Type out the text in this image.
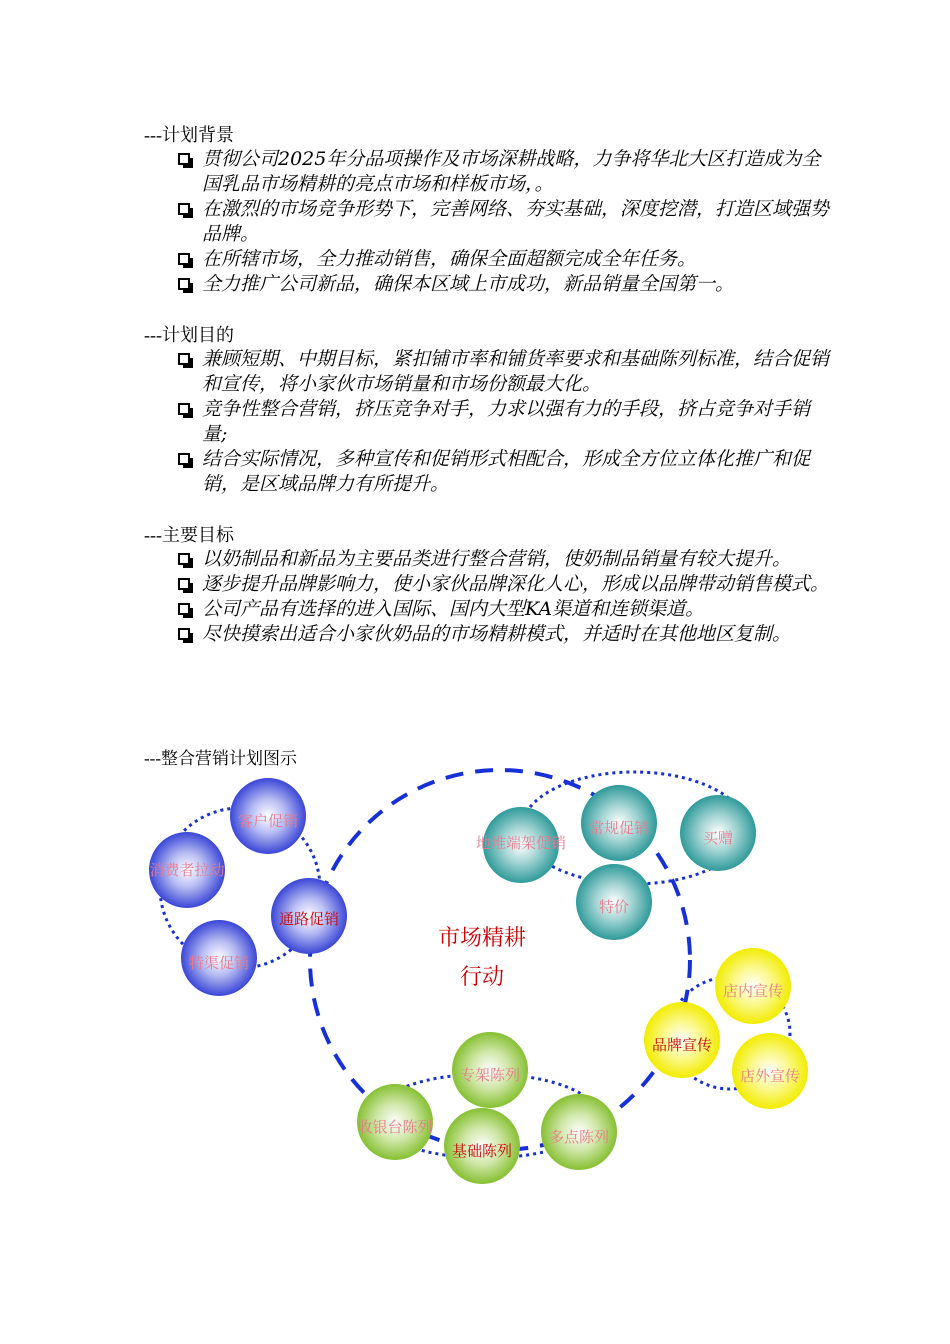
---计划背景
贯彻公司2025年分品项操作及市场深耕战略，力争将华北大区打造成为全国乳品市场精耕的亮点市场和样板市场，。
在激烈的市场竞争形势下，完善网络、夯实基础，深度挖潜，打造区域强势品牌。
在所辖市场，全力推动销售，确保全面超额完成全年任务。
全力推广公司新品，确保本区域上市成功，新品销量全国第一。
---计划目的
兼顾短期、中期目标，紧扣铺市率和铺货率要求和基础陈列标准，结合促销和宣传，将小家伙市场销量和市场份额最大化。
竞争性整合营销，挤压竞争对手，力求以强有力的手段，挤占竞争对手销量;
结合实际情况，多种宣传和促销形式相配合，形成全方位立体化推广和促销，是区域品牌力有所提升。
---主要目标
以奶制品和新品为主要品类进行整合营销，使奶制品销量有较大提升。
逐步提升品牌影响力，使小家伙品牌深化人心，形成以品牌带动销售模式。
公司产品有选择的进入国际、国内大型KA渠道和连锁渠道。
尽快摸索出适合小家伙奶品的市场精耕模式，并适时在其他地区复制。
---整合营销计划图示
市场精耕
行动
客户促销
消费者拉动
通路促销
特渠促销
地堆端架促销
常规促销
买赠
特价
店内宣传
品牌宣传
店外宣传
专架陈列
收银台陈列
基础陈列
多点陈列
